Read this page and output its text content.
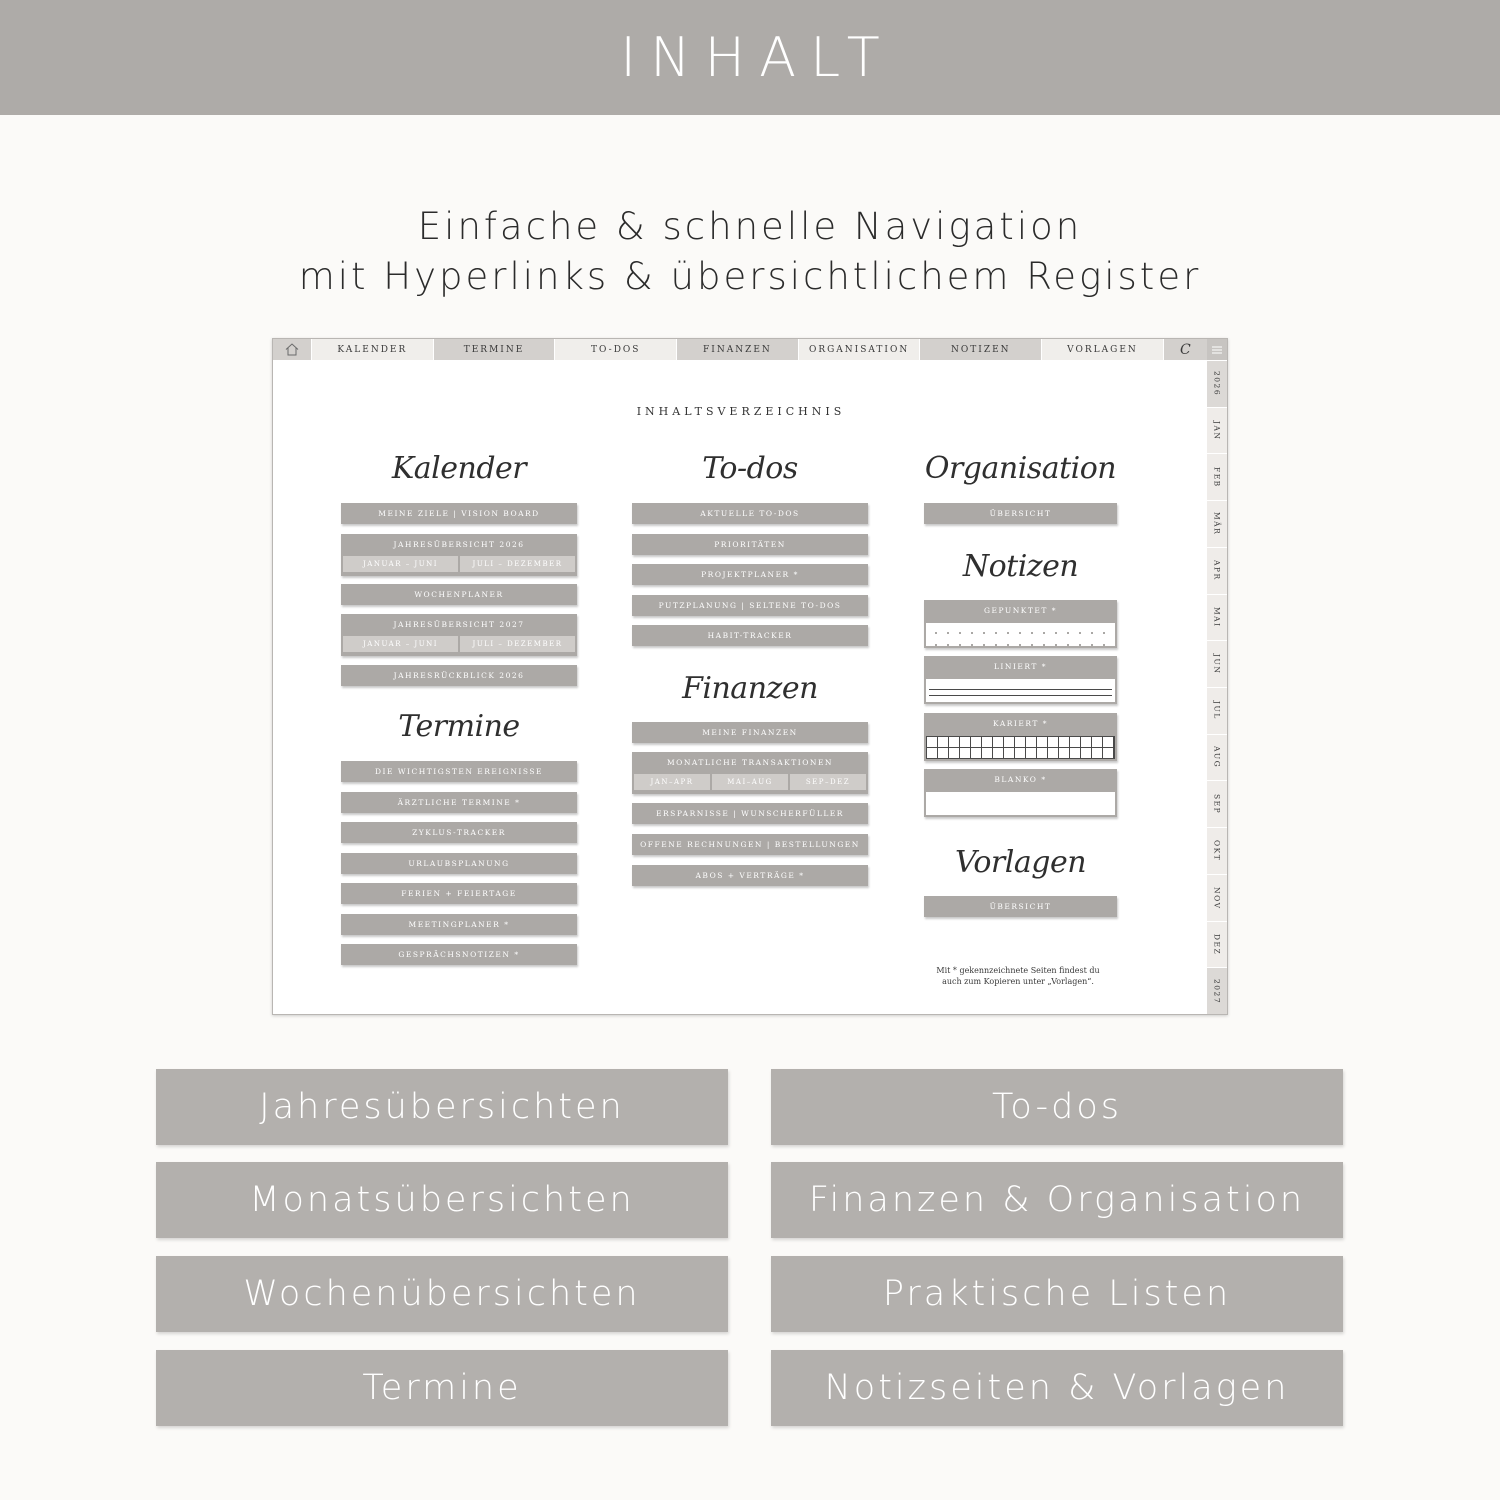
INHALT
Einfache & schnelle Navigation
mit Hyperlinks & übersichtlichem Register
KALENDER	TERMINE	TO-DOS	FINANZEN	ORGANISATION	NOTIZEN	VORLAGEN	C
2026
JAN
FEB
MÄR
APR
MAI
JUN
JUL
AUG
SEP
OKT
NOV
DEZ
2027
INHALTSVERZEICHNIS
Kalender
MEINE ZIELE | VISION BOARD
JAHRESÜBERSICHT 2026
JANUAR – JUNI	JULI – DEZEMBER
WOCHENPLANER
JAHRESÜBERSICHT 2027
JANUAR – JUNI	JULI – DEZEMBER
JAHRESRÜCKBLICK 2026
Termine
DIE WICHTIGSTEN EREIGNISSE
ÄRZTLICHE TERMINE *
ZYKLUS-TRACKER
URLAUBSPLANUNG
FERIEN + FEIERTAGE
MEETINGPLANER *
GESPRÄCHSNOTIZEN *
To-dos
AKTUELLE TO-DOS
PRIORITÄTEN
PROJEKTPLANER *
PUTZPLANUNG | SELTENE TO-DOS
HABIT-TRACKER
Finanzen
MEINE FINANZEN
MONATLICHE TRANSAKTIONEN
JAN–APR	MAI–AUG	SEP–DEZ
ERSPARNISSE | WUNSCHERFÜLLER
OFFENE RECHNUNGEN | BESTELLUNGEN
ABOS + VERTRÄGE *
Organisation
ÜBERSICHT
Notizen
GEPUNKTET *
LINIERT *
KARIERT *
BLANKO *
Vorlagen
ÜBERSICHT
Mit * gekennzeichnete Seiten findest du
auch zum Kopieren unter „Vorlagen“.
Jahresübersichten
Monatsübersichten
Wochenübersichten
Termine
To-dos
Finanzen & Organisation
Praktische Listen
Notizseiten & Vorlagen
